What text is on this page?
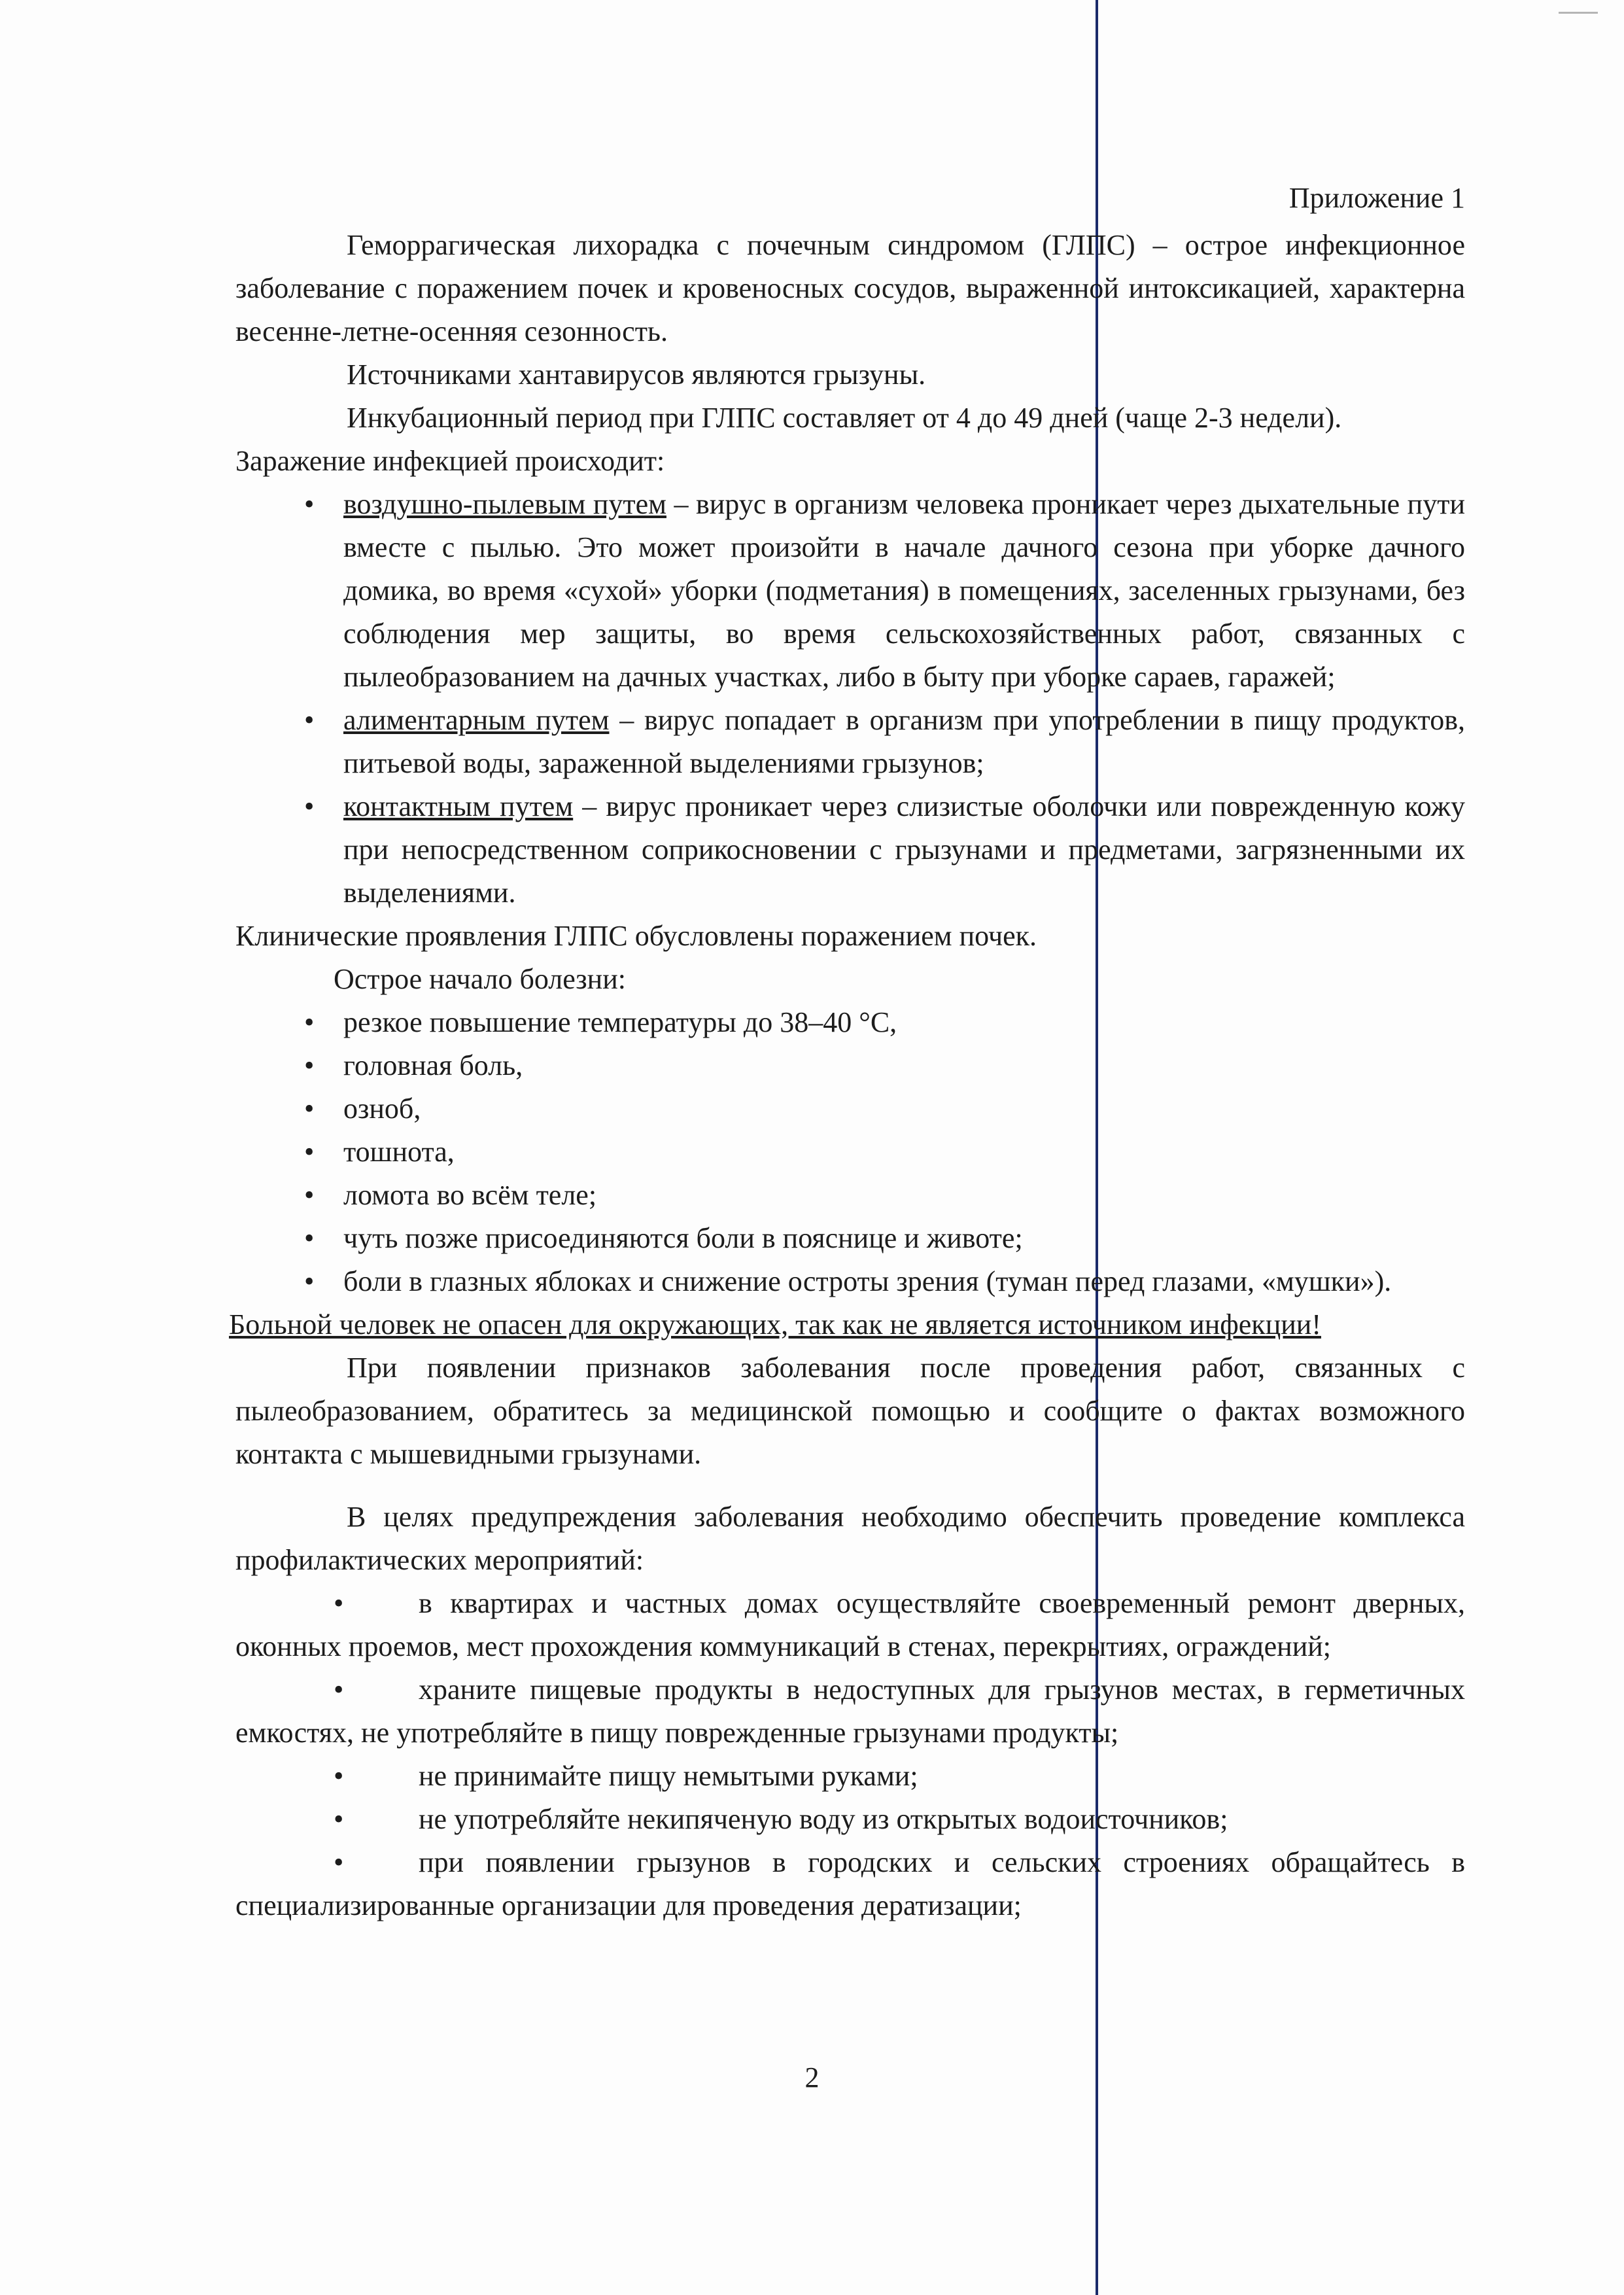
Приложение 1

Геморрагическая лихорадка с почечным синдромом (ГЛПС) – острое инфекционное заболевание с поражением почек и кровеносных сосудов, выраженной интоксикацией, характерна весенне-летне-осенняя сезонность.

Источниками хантавирусов являются грызуны.

Инкубационный период при ГЛПС составляет от 4 до 49 дней (чаще 2-3 недели).

Заражение инфекцией происходит:

• воздушно-пылевым путем – вирус в организм человека проникает через дыхательные пути вместе с пылью. Это может произойти в начале дачного сезона при уборке дачного домика, во время «сухой» уборки (подметания) в помещениях, заселенных грызунами, без соблюдения мер защиты, во время сельскохозяйственных работ, связанных с пылеобразованием на дачных участках, либо в быту при уборке сараев, гаражей;
• алиментарным путем – вирус попадает в организм при употреблении в пищу продуктов, питьевой воды, зараженной выделениями грызунов;
• контактным путем – вирус проникает через слизистые оболочки или поврежденную кожу при непосредственном соприкосновении с грызунами и предметами, загрязненными их выделениями.

Клинические проявления ГЛПС обусловлены поражением почек.

Острое начало болезни:

• резкое повышение температуры до 38–40 °С,
• головная боль,
• озноб,
• тошнота,
• ломота во всём теле;
• чуть позже присоединяются боли в пояснице и животе;
• боли в глазных яблоках и снижение остроты зрения (туман перед глазами, «мушки»).

Больной человек не опасен для окружающих, так как не является источником инфекции!

При появлении признаков заболевания после проведения работ, связанных с пылеобразованием, обратитесь за медицинской помощью и сообщите о фактах возможного контакта с мышевидными грызунами.

В целях предупреждения заболевания необходимо обеспечить проведение комплекса профилактических мероприятий:

• в квартирах и частных домах осуществляйте своевременный ремонт дверных, оконных проемов, мест прохождения коммуникаций в стенах, перекрытиях, ограждений;
• храните пищевые продукты в недоступных для грызунов местах, в герметичных емкостях, не употребляйте в пищу поврежденные грызунами продукты;
• не принимайте пищу немытыми руками;
• не употребляйте некипяченую воду из открытых водоисточников;
• при появлении грызунов в городских и сельских строениях обращайтесь в специализированные организации для проведения дератизации;
2
